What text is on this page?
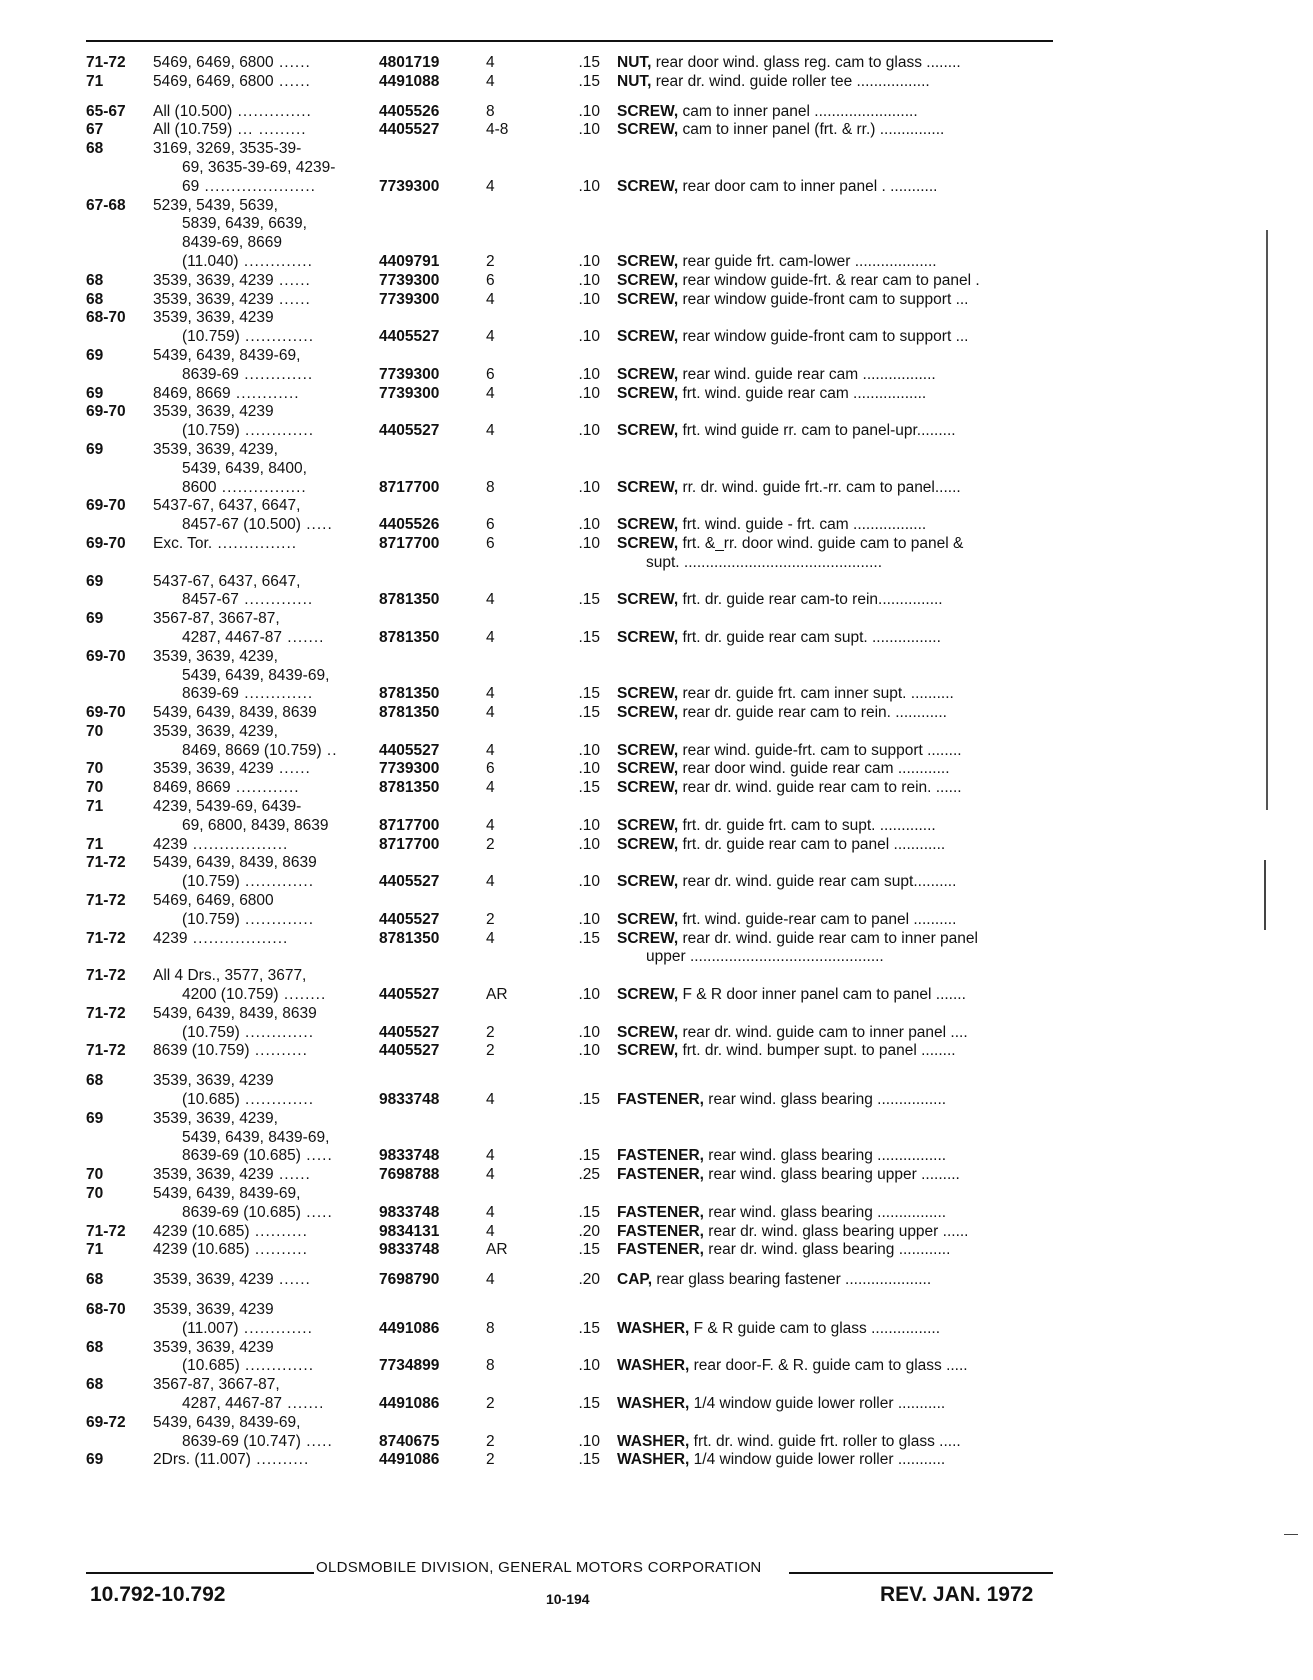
71-72 5469, 6469, 6800 ......	4801719	4	.15 NUT, rear door wind. glass reg. cam to glass ........
71	5469, 6469, 6800 ......	4491088	4	.15 NUT, rear dr. wind. guide roller tee .................
65-67 All (10.500) ..............	4405526	8	.10 SCREW, cam to inner panel ........................
67	All (10.759) ... .........	4405527	4-8	.10 SCREW, cam to inner panel (frt. & rr.) ...............
68	3169, 3269, 3535-39-
69, 3635-39-69, 4239-
69 .....................	7739300	4	.10 SCREW, rear door cam to inner panel . ...........
67-68 5239, 5439, 5639,
5839, 6439, 6639,
8439-69, 8669
(11.040) .............	4409791	2	.10 SCREW, rear guide frt. cam-lower ...................
68	3539, 3639, 4239 ......	7739300	6	.10 SCREW, rear window guide-frt. & rear cam to panel .
68	3539, 3639, 4239 ......	7739300	4	.10 SCREW, rear window guide-front cam to support ...
68-70 3539, 3639, 4239
(10.759) .............	4405527	4	.10 SCREW, rear window guide-front cam to support ...
69	5439, 6439, 8439-69,
8639-69 .............	7739300	6	.10 SCREW, rear wind. guide rear cam .................
69	8469, 8669 ............	7739300	4	.10 SCREW, frt. wind. guide rear cam .................
69-70 3539, 3639, 4239
(10.759) .............	4405527	4	.10 SCREW, frt. wind guide rr. cam to panel-upr.........
69	3539, 3639, 4239,
5439, 6439, 8400,
8600 ................	8717700	8	.10 SCREW, rr. dr. wind. guide frt.-rr. cam to panel......
69-70 5437-67, 6437, 6647,
8457-67 (10.500) .....	4405526	6	.10 SCREW, frt. wind. guide - frt. cam .................
69-70 Exc. Tor. ...............	8717700	6	.10 SCREW, frt. &_rr. door wind. guide cam to panel &
supt. ..............................................
69	5437-67, 6437, 6647,
8457-67 .............	8781350	4	.15 SCREW, frt. dr. guide rear cam-to rein...............
69	3567-87, 3667-87,
4287, 4467-87 .......	8781350	4	.15 SCREW, frt. dr. guide rear cam supt. ................
69-70 3539, 3639, 4239,
5439, 6439, 8439-69,
8639-69 .............	8781350	4	.15 SCREW, rear dr. guide frt. cam inner supt. ..........
69-70 5439, 6439, 8439, 8639	8781350	4	.15 SCREW, rear dr. guide rear cam to rein. ............
70	3539, 3639, 4239,
8469, 8669 (10.759) ..	4405527	4	.10 SCREW, rear wind. guide-frt. cam to support ........
70	3539, 3639, 4239 ......	7739300	6	.10 SCREW, rear door wind. guide rear cam ............
70	8469, 8669 ............	8781350	4	.15 SCREW, rear dr. wind. guide rear cam to rein. ......
71	4239, 5439-69, 6439-
69, 6800, 8439, 8639	8717700	4	.10 SCREW, frt. dr. guide frt. cam to supt. .............
71	4239 ..................	8717700	2	.10 SCREW, frt. dr. guide rear cam to panel ............
71-72 5439, 6439, 8439, 8639
(10.759) .............	4405527	4	.10 SCREW, rear dr. wind. guide rear cam supt..........
71-72 5469, 6469, 6800
(10.759) .............	4405527	2	.10 SCREW, frt. wind. guide-rear cam to panel ..........
71-72 4239 ..................	8781350	4	.15 SCREW, rear dr. wind. guide rear cam to inner panel
upper .............................................
71-72 All 4 Drs., 3577, 3677,
4200 (10.759) ........	4405527	AR	.10 SCREW, F & R door inner panel cam to panel .......
71-72 5439, 6439, 8439, 8639
(10.759) .............	4405527	2	.10 SCREW, rear dr. wind. guide cam to inner panel ....
71-72 8639 (10.759) ..........	4405527	2	.10 SCREW, frt. dr. wind. bumper supt. to panel ........
68	3539, 3639, 4239
(10.685) .............	9833748	4	.15 FASTENER, rear wind. glass bearing ................
69	3539, 3639, 4239,
5439, 6439, 8439-69,
8639-69 (10.685) .....	9833748	4	.15 FASTENER, rear wind. glass bearing ................
70	3539, 3639, 4239 ......	7698788	4	.25 FASTENER, rear wind. glass bearing upper .........
70	5439, 6439, 8439-69,
8639-69 (10.685) .....	9833748	4	.15 FASTENER, rear wind. glass bearing ................
71-72 4239 (10.685) ..........	9834131	4	.20 FASTENER, rear dr. wind. glass bearing upper ......
71	4239 (10.685) ..........	9833748	AR	.15 FASTENER, rear dr. wind. glass bearing ............
68	3539, 3639, 4239 ......	7698790	4	.20 CAP, rear glass bearing fastener ....................
68-70 3539, 3639, 4239
(11.007) .............	4491086	8	.15 WASHER, F & R guide cam to glass ................
68	3539, 3639, 4239
(10.685) .............	7734899	8	.10 WASHER, rear door-F. & R. guide cam to glass .....
68	3567-87, 3667-87,
4287, 4467-87 .......	4491086	2	.15 WASHER, 1/4 window guide lower roller ...........
69-72 5439, 6439, 8439-69,
8639-69 (10.747) .....	8740675	2	.10 WASHER, frt. dr. wind. guide frt. roller to glass .....
69	2Drs. (11.007) ..........	4491086	2	.15 WASHER, 1/4 window guide lower roller ...........
OLDSMOBILE DIVISION, GENERAL MOTORS CORPORATION
10.792-10.792	10-194	REV. JAN. 1972
